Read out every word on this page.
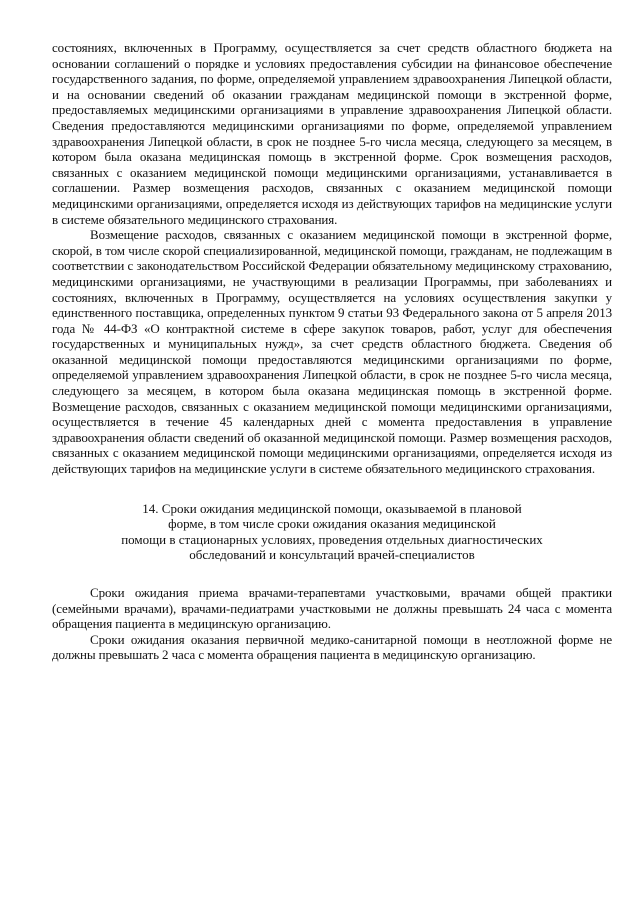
состояниях, включенных в Программу, осуществляется за счет средств областного бюджета на основании соглашений о порядке и условиях предоставления субсидии на финансовое обеспечение государственного задания, по форме, определяемой управлением здравоохранения Липецкой области, и на основании сведений об оказании гражданам медицинской помощи в экстренной форме, предоставляемых медицинскими организациями в управление здравоохранения Липецкой области. Сведения предоставляются медицинскими организациями по форме, определяемой управлением здравоохранения Липецкой области, в срок не позднее 5-го числа месяца, следующего за месяцем, в котором была оказана медицинская помощь в экстренной форме. Срок возмещения расходов, связанных с оказанием медицинской помощи медицинскими организациями, устанавливается в соглашении. Размер возмещения расходов, связанных с оказанием медицинской помощи медицинскими организациями, определяется исходя из действующих тарифов на медицинские услуги в системе обязательного медицинского страхования.

Возмещение расходов, связанных с оказанием медицинской помощи в экстренной форме, скорой, в том числе скорой специализированной, медицинской помощи, гражданам, не подлежащим в соответствии с законодательством Российской Федерации обязательному медицинскому страхованию, медицинскими организациями, не участвующими в реализации Программы, при заболеваниях и состояниях, включенных в Программу, осуществляется на условиях осуществления закупки у единственного поставщика, определенных пунктом 9 статьи 93 Федерального закона от 5 апреля 2013 года № 44-ФЗ «О контрактной системе в сфере закупок товаров, работ, услуг для обеспечения государственных и муниципальных нужд», за счет средств областного бюджета. Сведения об оказанной медицинской помощи предоставляются медицинскими организациями по форме, определяемой управлением здравоохранения Липецкой области, в срок не позднее 5-го числа месяца, следующего за месяцем, в котором была оказана медицинская помощь в экстренной форме. Возмещение расходов, связанных с оказанием медицинской помощи медицинскими организациями, осуществляется в течение 45 календарных дней с момента предоставления в управление здравоохранения области сведений об оказанной медицинской помощи. Размер возмещения расходов, связанных с оказанием медицинской помощи медицинскими организациями, определяется исходя из действующих тарифов на медицинские услуги в системе обязательного медицинского страхования.

14. Сроки ожидания медицинской помощи, оказываемой в плановой
форме, в том числе сроки ожидания оказания медицинской
помощи в стационарных условиях, проведения отдельных диагностических
обследований и консультаций врачей-специалистов

Сроки ожидания приема врачами-терапевтами участковыми, врачами общей практики (семейными врачами), врачами-педиатрами участковыми не должны превышать 24 часа с момента обращения пациента в медицинскую организацию.

Сроки ожидания оказания первичной медико-санитарной помощи в неотложной форме не должны превышать 2 часа с момента обращения пациента в медицинскую организацию.
